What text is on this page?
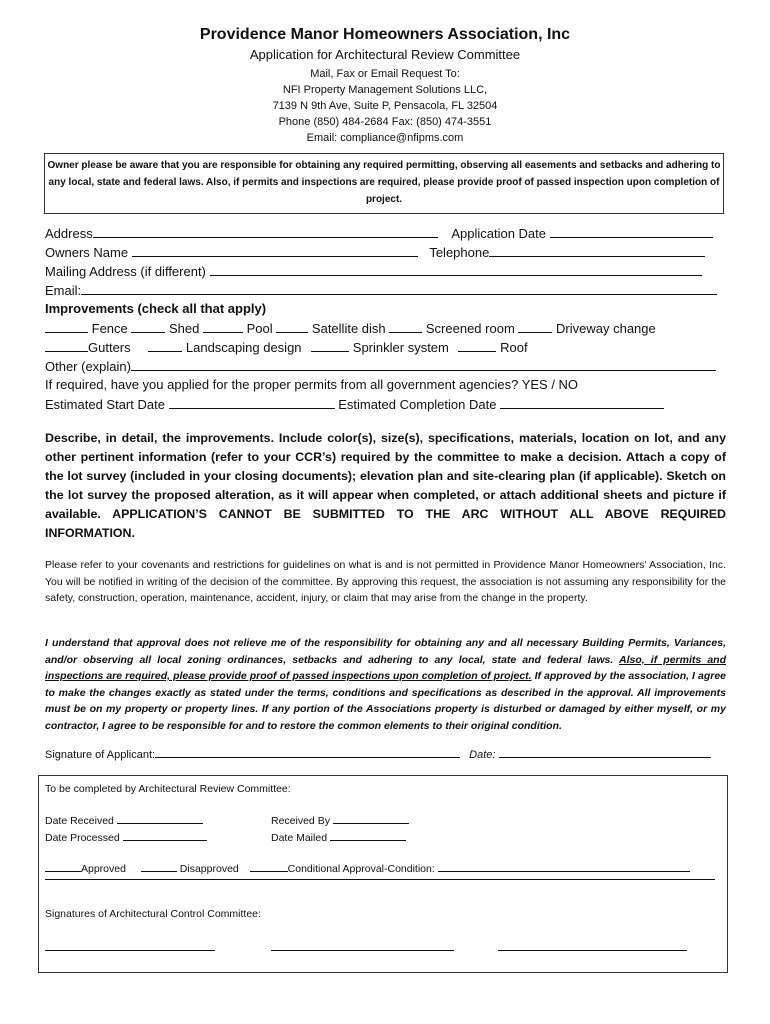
Providence Manor Homeowners Association, Inc
Application for Architectural Review Committee
Mail, Fax or Email Request To:
NFI Property Management Solutions LLC,
7139 N 9th Ave, Suite P, Pensacola, FL 32504
Phone (850) 484-2684 Fax: (850) 474-3551
Email: compliance@nfipms.com
Owner please be aware that you are responsible for obtaining any required permitting, observing all easements and setbacks and adhering to any local, state and federal laws. Also, if permits and inspections are required, please provide proof of passed inspection upon completion of project.
Address	Application Date
Owners Name	Telephone
Mailing Address (if different)
Email:
Improvements (check all that apply)
Fence	Shed	Pool	Satellite dish	Screened room	Driveway change
Gutters	Landscaping design	Sprinkler system	Roof
Other (explain)
If required, have you applied for the proper permits from all government agencies? YES / NO
Estimated Start Date	Estimated Completion Date
Describe, in detail, the improvements. Include color(s), size(s), specifications, materials, location on lot, and any other pertinent information (refer to your CCR’s) required by the committee to make a decision. Attach a copy of the lot survey (included in your closing documents); elevation plan and site-clearing plan (if applicable). Sketch on the lot survey the proposed alteration, as it will appear when completed, or attach additional sheets and picture if available. APPLICATION’S CANNOT BE SUBMITTED TO THE ARC WITHOUT ALL ABOVE REQUIRED INFORMATION.
Please refer to your covenants and restrictions for guidelines on what is and is not permitted in Providence Manor Homeowners' Association, Inc. You will be notified in writing of the decision of the committee. By approving this request, the association is not assuming any responsibility for the safety, construction, operation, maintenance, accident, injury, or claim that may arise from the change in the property.
I understand that approval does not relieve me of the responsibility for obtaining any and all necessary Building Permits, Variances, and/or observing all local zoning ordinances, setbacks and adhering to any local, state and federal laws. Also, if permits and inspections are required, please provide proof of passed inspections upon completion of project. If approved by the association, I agree to make the changes exactly as stated under the terms, conditions and specifications as described in the approval. All improvements must be on my property or property lines. If any portion of the Associations property is disturbed or damaged by either myself, or my contractor, I agree to be responsible for and to restore the common elements to their original condition.
Signature of Applicant:	Date:
To be completed by Architectural Review Committee:
Date Received	Received By
Date Processed	Date Mailed
Approved	Disapproved	Conditional Approval-Condition:
Signatures of Architectural Control Committee:
